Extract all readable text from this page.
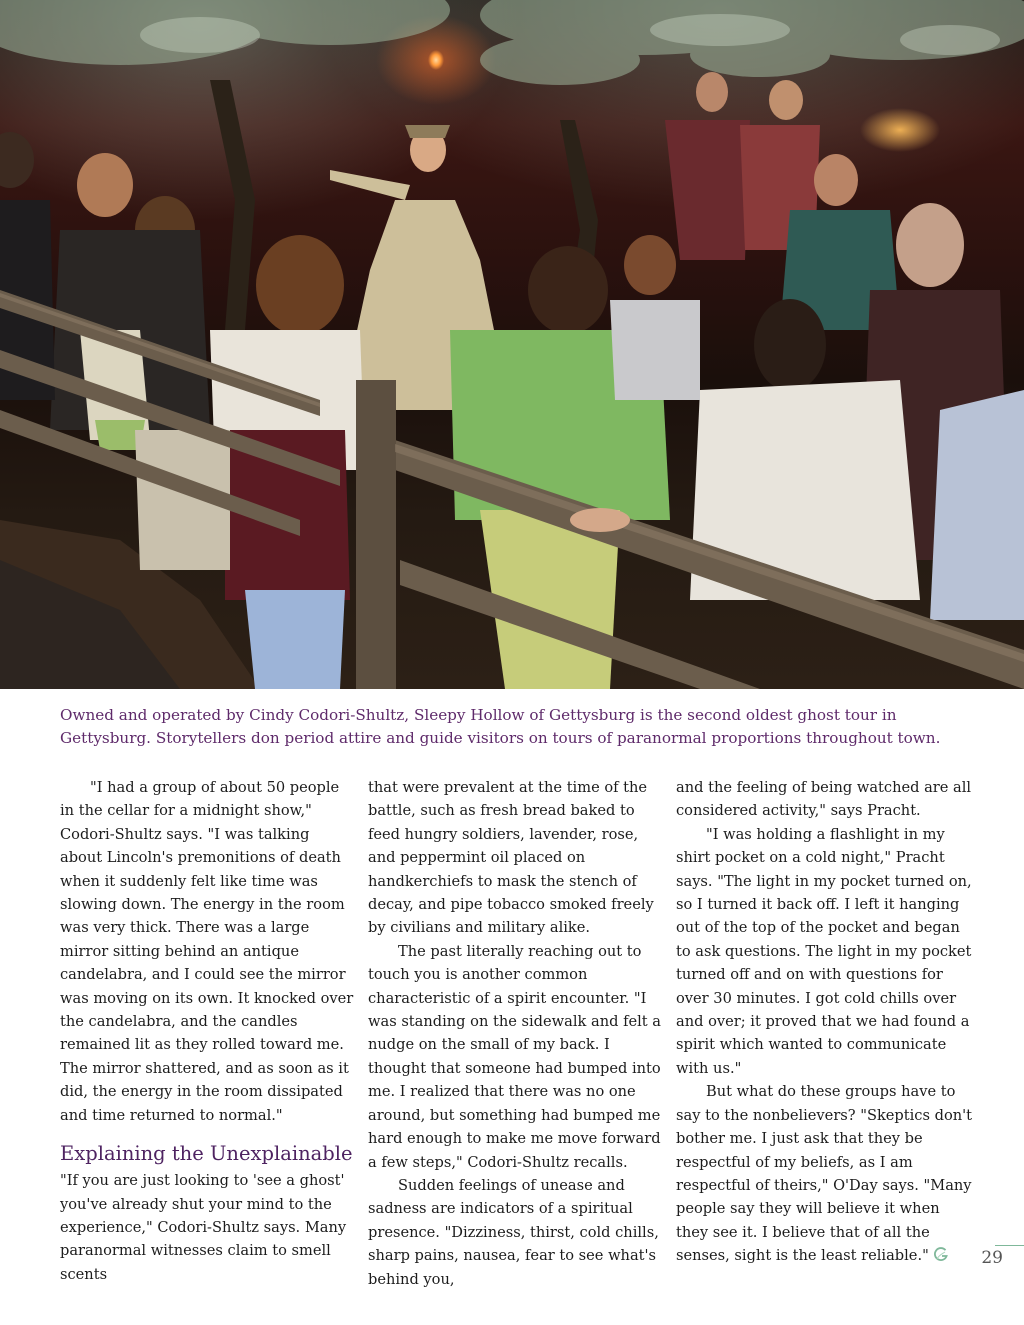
Owned and operated by Cindy Codori-Shultz, Sleepy Hollow of Gettysburg is the second oldest ghost tour in Gettysburg. Storytellers don period attire and guide visitors on tours of paranormal proportions throughout town.

"I had a group of about 50 people in the cellar for a midnight show," Codori-Shultz says. "I was talking about Lincoln's premonitions of death when it suddenly felt like time was slowing down. The energy in the room was very thick. There was a large mirror sitting behind an antique candelabra, and I could see the mirror was moving on its own. It knocked over the candelabra, and the candles remained lit as they rolled toward me. The mirror shattered, and as soon as it did, the energy in the room dissipated and time returned to normal."

Explaining the Unexplainable

"If you are just looking to 'see a ghost' you've already shut your mind to the experience," Codori-Shultz says. Many paranormal witnesses claim to smell scents

that were prevalent at the time of the battle, such as fresh bread baked to feed hungry soldiers, lavender, rose, and peppermint oil placed on handkerchiefs to mask the stench of decay, and pipe tobacco smoked freely by civilians and military alike.

The past literally reaching out to touch you is another common characteristic of a spirit encounter. "I was standing on the sidewalk and felt a nudge on the small of my back. I thought that someone had bumped into me. I realized that there was no one around, but something had bumped me hard enough to make me move forward a few steps," Codori-Shultz recalls.

Sudden feelings of unease and sadness are indicators of a spiritual presence. "Dizziness, thirst, cold chills, sharp pains, nausea, fear to see what's behind you,

and the feeling of being watched are all considered activity," says Pracht.

"I was holding a flashlight in my shirt pocket on a cold night," Pracht says. "The light in my pocket turned on, so I turned it back off. I left it hanging out of the top of the pocket and began to ask questions. The light in my pocket turned off and on with questions for over 30 minutes. I got cold chills over and over; it proved that we had found a spirit which wanted to communicate with us."

But what do these groups have to say to the nonbelievers? "Skeptics don't bother me. I just ask that they be respectful of my beliefs, as I am respectful of theirs," O'Day says. "Many people say they will believe it when they see it. I believe that of all the senses, sight is the least reliable."	29
